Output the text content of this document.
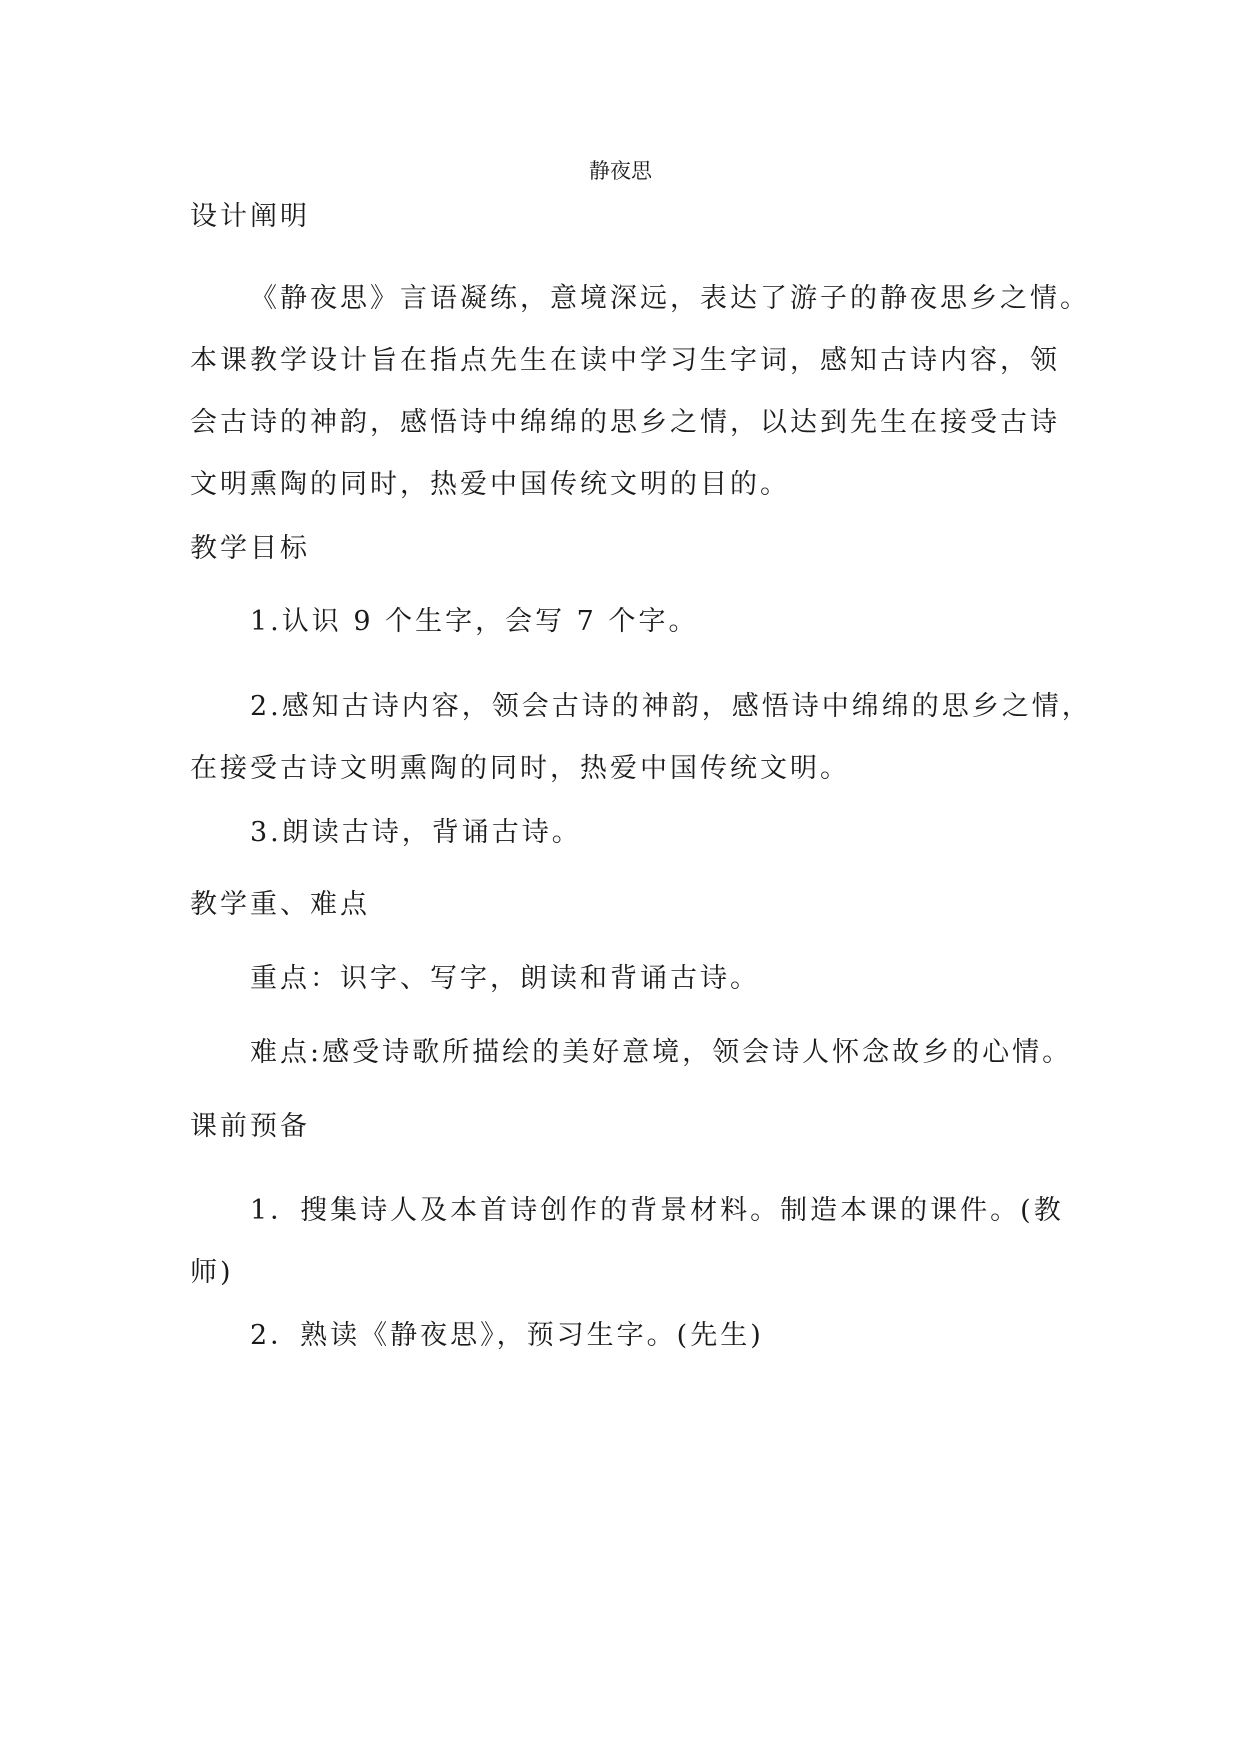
静夜思
设计阐明
《静夜思》言语凝练，意境深远，表达了游子的静夜思乡之情。
本课教学设计旨在指点先生在读中学习生字词，感知古诗内容，领
会古诗的神韵，感悟诗中绵绵的思乡之情，以达到先生在接受古诗
文明熏陶的同时，热爱中国传统文明的目的。
教学目标
1.认识 9 个生字，会写 7 个字。
2.感知古诗内容，领会古诗的神韵，感悟诗中绵绵的思乡之情，
在接受古诗文明熏陶的同时，热爱中国传统文明。
3.朗读古诗，背诵古诗。
教学重、难点
重点：识字、写字，朗读和背诵古诗。
难点:感受诗歌所描绘的美好意境，领会诗人怀念故乡的心情。
课前预备
1．搜集诗人及本首诗创作的背景材料。制造本课的课件。(教
师)
2．熟读《静夜思》，预习生字。(先生)
